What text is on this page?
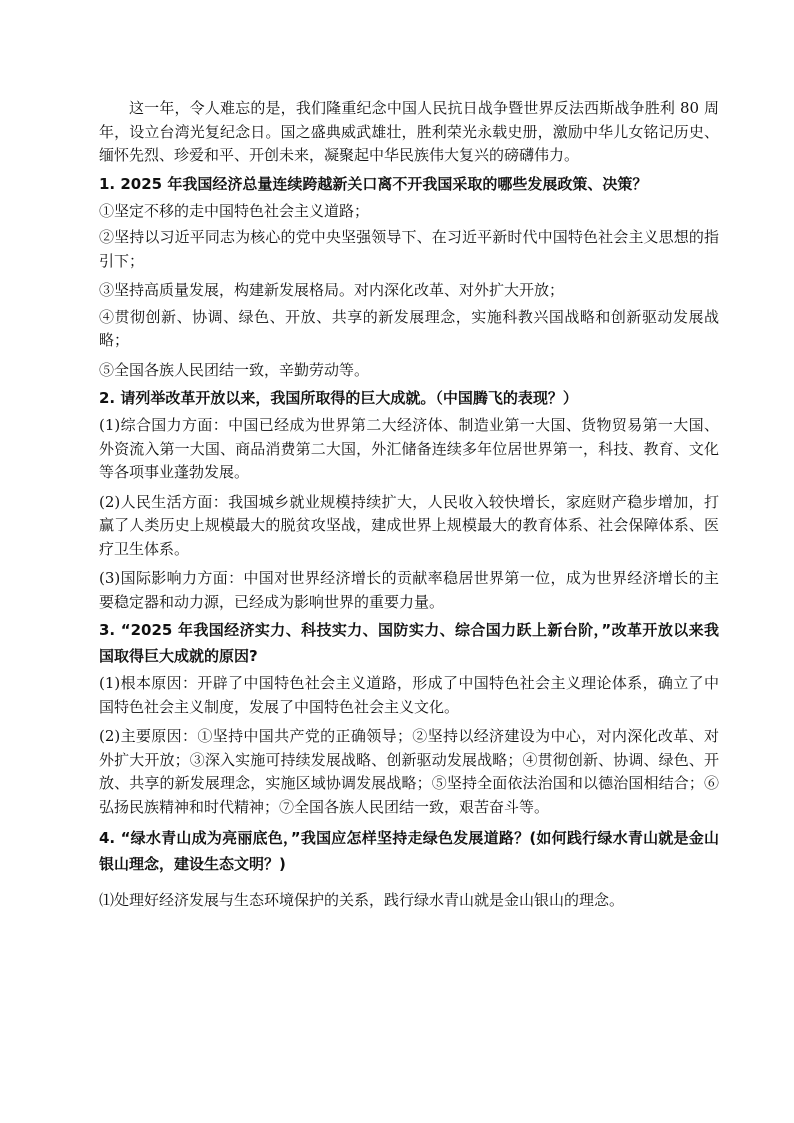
这一年，令人难忘的是，我们隆重纪念中国人民抗日战争暨世界反法西斯战争胜利 80 周年，设立台湾光复纪念日。国之盛典威武雄壮，胜利荣光永载史册，激励中华儿女铭记历史、缅怀先烈、珍爱和平、开创未来，凝聚起中华民族伟大复兴的磅礴伟力。

1. 2025 年我国经济总量连续跨越新关口离不开我国采取的哪些发展政策、决策？

①坚定不移的走中国特色社会主义道路；

②坚持以习近平同志为核心的党中央坚强领导下、在习近平新时代中国特色社会主义思想的指引下；

③坚持高质量发展，构建新发展格局。对内深化改革、对外扩大开放；

④贯彻创新、协调、绿色、开放、共享的新发展理念，实施科教兴国战略和创新驱动发展战略；

⑤全国各族人民团结一致，辛勤劳动等。

2. 请列举改革开放以来，我国所取得的巨大成就。（中国腾飞的表现？）

(1)综合国力方面：中国已经成为世界第二大经济体、制造业第一大国、货物贸易第一大国、外资流入第一大国、商品消费第二大国，外汇储备连续多年位居世界第一，科技、教育、文化等各项事业蓬勃发展。

(2)人民生活方面：我国城乡就业规模持续扩大，人民收入较快增长，家庭财产稳步增加，打赢了人类历史上规模最大的脱贫攻坚战，建成世界上规模最大的教育体系、社会保障体系、医疗卫生体系。

(3)国际影响力方面：中国对世界经济增长的贡献率稳居世界第一位，成为世界经济增长的主要稳定器和动力源，已经成为影响世界的重要力量。

3. “2025 年我国经济实力、科技实力、国防实力、综合国力跃上新台阶，”改革开放以来我国取得巨大成就的原因?

(1)根本原因：开辟了中国特色社会主义道路，形成了中国特色社会主义理论体系，确立了中国特色社会主义制度，发展了中国特色社会主义文化。

(2)主要原因：①坚持中国共产党的正确领导；②坚持以经济建设为中心，对内深化改革、对外扩大开放；③深入实施可持续发展战略、创新驱动发展战略；④贯彻创新、协调、绿色、开放、共享的新发展理念，实施区域协调发展战略；⑤坚持全面依法治国和以德治国相结合；⑥弘扬民族精神和时代精神；⑦全国各族人民团结一致，艰苦奋斗等。

4. “绿水青山成为亮丽底色，”我国应怎样坚持走绿色发展道路？(如何践行绿水青山就是金山银山理念，建设生态文明？)

⑴处理好经济发展与生态环境保护的关系，践行绿水青山就是金山银山的理念。
